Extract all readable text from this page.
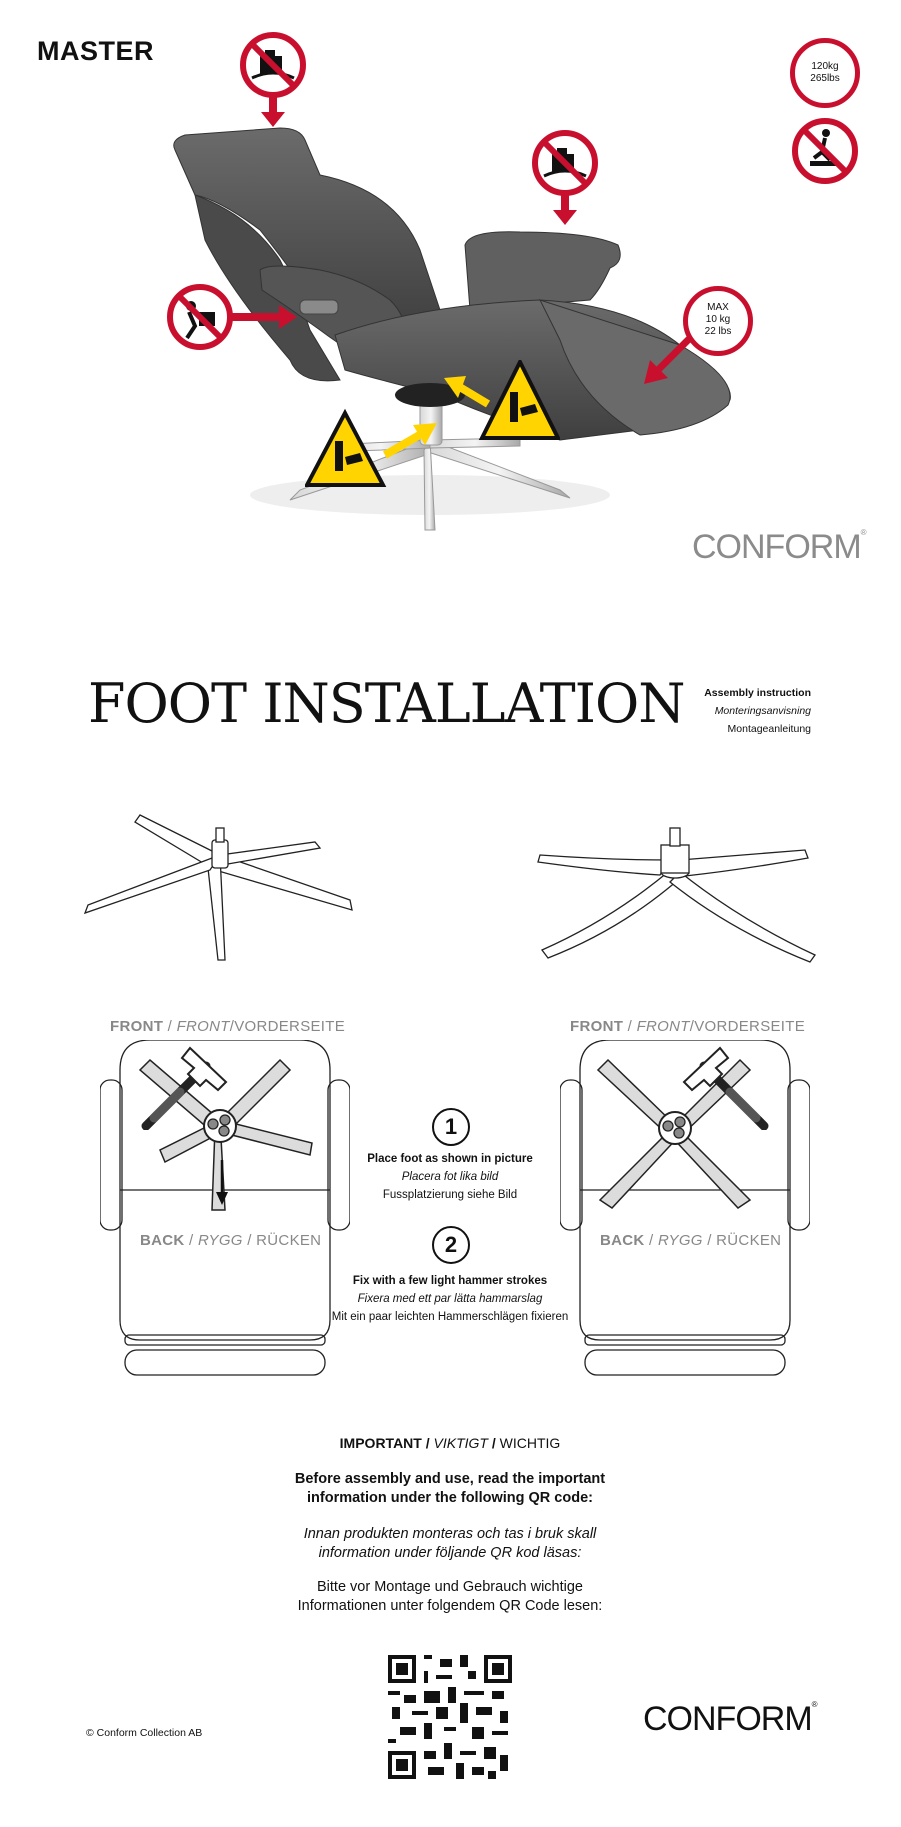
MASTER
120kg
265lbs
MAX
10 kg
22 lbs
CONFORM®
FOOT INSTALLATION Assembly instruction
Monteringsanvisning
Montageanleitung
FRONT / FRONT/VORDERSEITE	FRONT / FRONT/VORDERSEITE
BACK / RYGG / RÜCKEN	BACK / RYGG / RÜCKEN
1
Place foot as shown in picture
Placera fot lika bild
Fussplatzierung siehe Bild
2
Fix with a few light hammer strokes
Fixera med ett par lätta hammarslag
Mit ein paar leichten Hammerschlägen fixieren
IMPORTANT / VIKTIGT / WICHTIG
Before assembly and use, read the important
information under the following QR code:
Innan produkten monteras och tas i bruk skall
information under följande QR kod läsas:
Bitte vor Montage und Gebrauch wichtige
Informationen unter folgendem QR Code lesen:
© Conform Collection AB	CONFORM®
